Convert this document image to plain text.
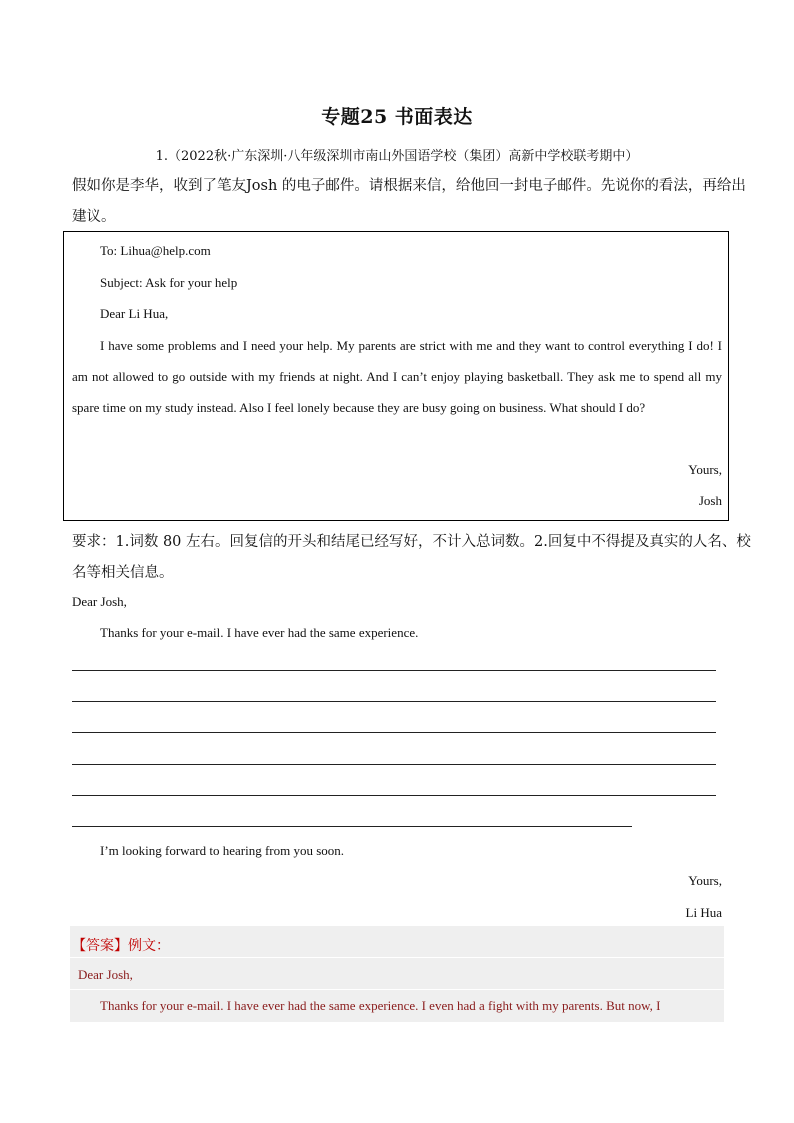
专题25 书面表达
1.（2022秋·广东深圳·八年级深圳市南山外国语学校（集团）高新中学校联考期中）
假如你是李华，收到了笔友Josh 的电子邮件。请根据来信，给他回一封电子邮件。先说你的看法，再给出
建议。
To: Lihua@help.com
Subject: Ask for your help
Dear Li Hua,
I have some problems and I need your help. My parents are strict with me and they want to control everything I do! I am not allowed to go outside with my friends at night. And I can’t enjoy playing basketball. They ask me to spend all my spare time on my study instead. Also I feel lonely because they are busy going on business. What should I do?
Yours,
Josh
要求：1.词数 80 左右。回复信的开头和结尾已经写好，不计入总词数。2.回复中不得提及真实的人名、校
名等相关信息。
Dear Josh,
Thanks for your e-mail. I have ever had the same experience.
I’m looking forward to hearing from you soon.
Yours,
Li Hua
【答案】例文：
Dear Josh,
Thanks for your e-mail. I have ever had the same experience. I even had a fight with my parents. But now, I
